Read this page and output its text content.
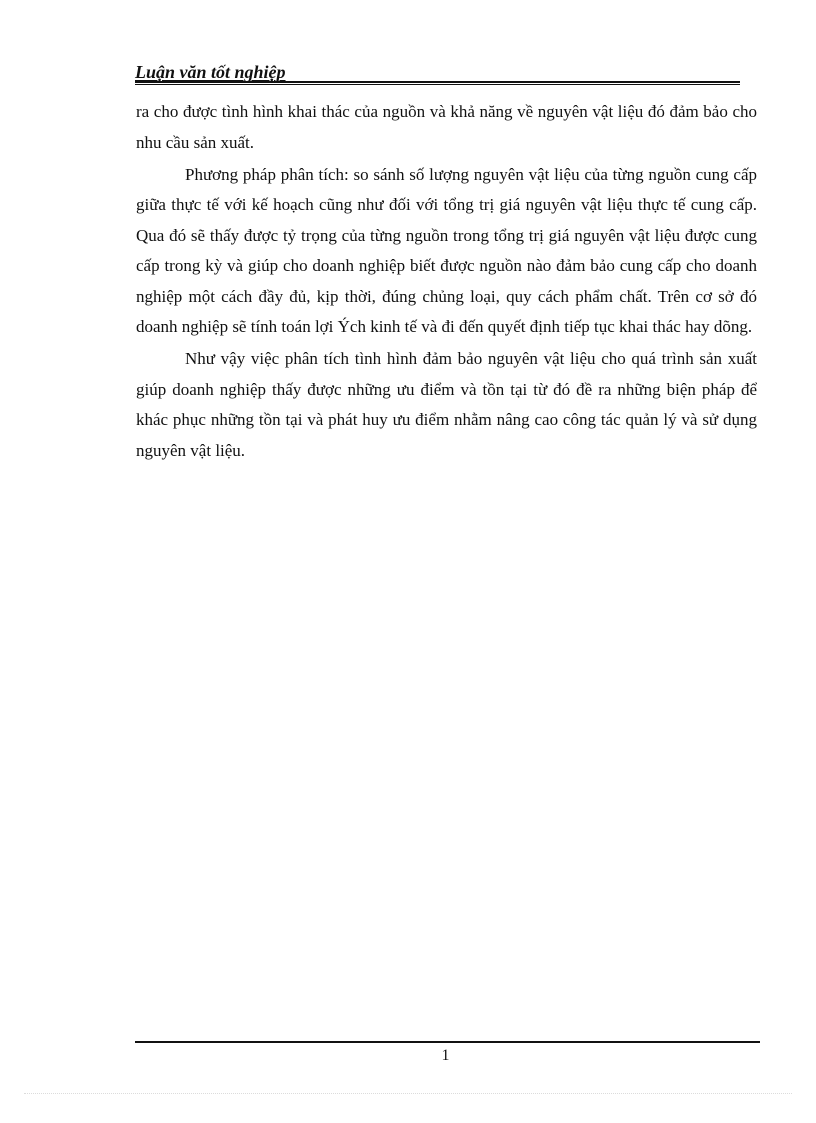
Luận văn tốt nghiệp

ra cho được tình hình khai thác của nguồn và khả năng về nguyên vật liệu đó đảm bảo cho nhu cầu sản xuất.

Phương pháp phân tích: so sánh số lượng nguyên vật liệu của từng nguồn cung cấp giữa thực tế với kế hoạch cũng như đối với tổng trị giá nguyên vật liệu thực tế cung cấp. Qua đó sẽ thấy được tỷ trọng của từng nguồn trong tổng trị giá nguyên vật liệu được cung cấp trong kỳ và giúp cho doanh nghiệp biết được nguồn nào đảm bảo cung cấp cho doanh nghiệp một cách đầy đủ, kịp thời, đúng chủng loại, quy cách phẩm chất. Trên cơ sở đó doanh nghiệp sẽ tính toán lợi Ých kinh tế và đi đến quyết định tiếp tục khai thác hay dõng.

Như vậy việc phân tích tình hình đảm bảo nguyên vật liệu cho quá trình sản xuất giúp doanh nghiệp thấy được những ưu điểm và tồn tại từ đó đề ra những biện pháp để khác phục những tồn tại và phát huy ưu điểm nhằm nâng cao công tác quản lý và sử dụng nguyên vật liệu.

1
